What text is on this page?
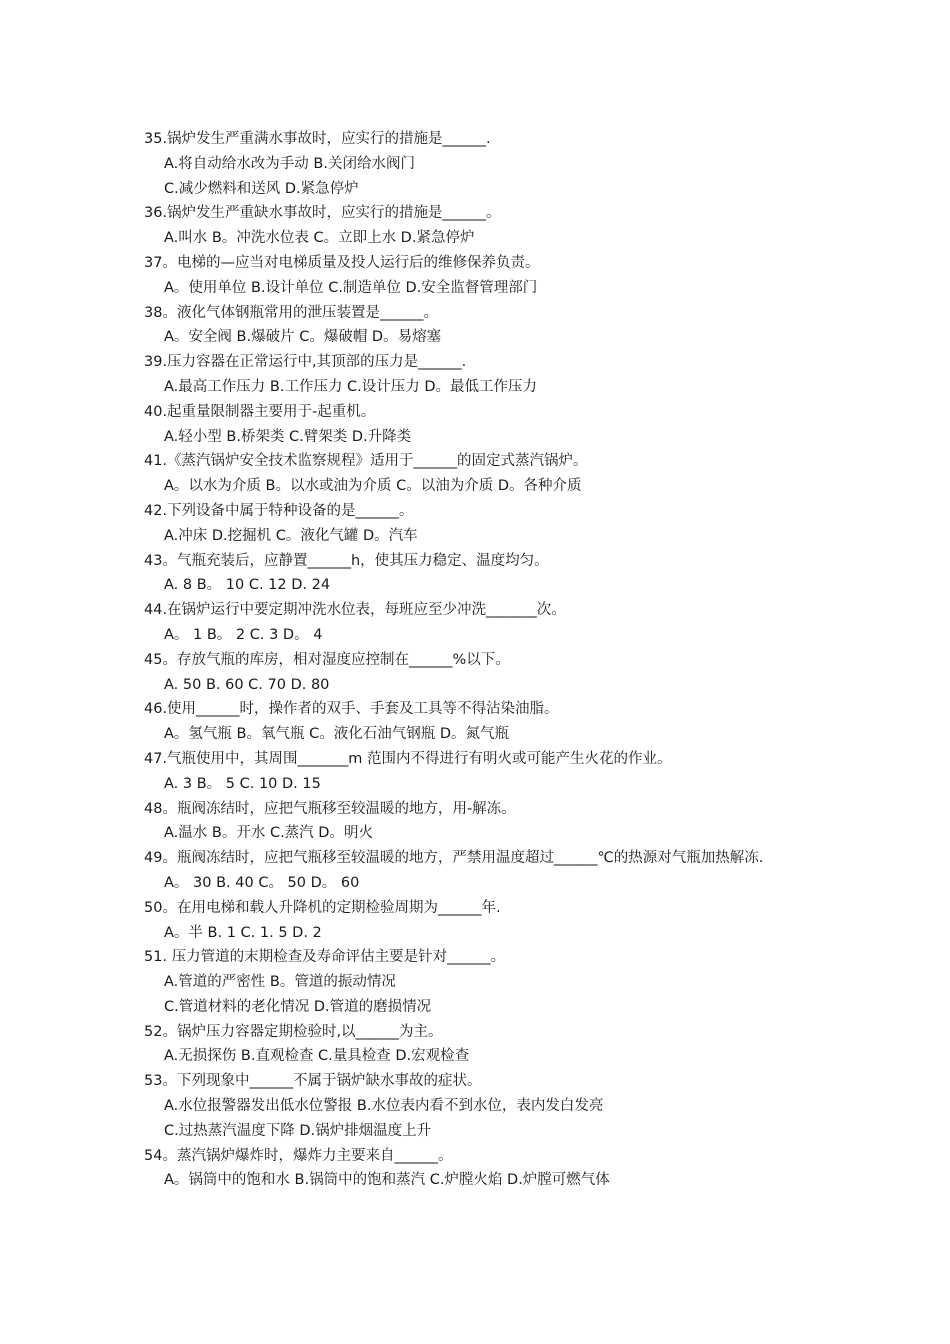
35.锅炉发生严重满水事故时，应实行的措施是______.
A.将自动给水改为手动 B.关闭给水阀门
C.减少燃料和送风 D.紧急停炉
36.锅炉发生严重缺水事故时，应实行的措施是______。
A.叫水 B。冲洗水位表 C。立即上水 D.紧急停炉
37。电梯的—应当对电梯质量及投人运行后的维修保养负责。
A。使用单位 B.设计单位 C.制造单位 D.安全监督管理部门
38。液化气体钢瓶常用的泄压装置是______。
A。安全阀 B.爆破片 C。爆破帽 D。易熔塞
39.压力容器在正常运行中,其顶部的压力是______.
A.最高工作压力 B.工作压力 C.设计压力 D。最低工作压力
40.起重量限制器主要用于-起重机。
A.轻小型 B.桥架类 C.臂架类 D.升降类
41.《蒸汽锅炉安全技术监察规程》适用于______的固定式蒸汽锅炉。
A。以水为介质 B。以水或油为介质 C。以油为介质 D。各种介质
42.下列设备中属于特种设备的是______。
A.冲床 D.挖掘机 C。液化气罐 D。汽车
43。气瓶充装后，应静置______h，使其压力稳定、温度均匀。
A. 8 B。 10 C. 12 D. 24
44.在锅炉运行中要定期冲洗水位表，每班应至少冲洗_______次。
A。 1 B。 2 C. 3 D。 4
45。存放气瓶的库房，相对湿度应控制在______%以下。
A. 50 B. 60 C. 70 D. 80
46.使用______时，操作者的双手、手套及工具等不得沾染油脂。
A。氢气瓶 B。氧气瓶 C。液化石油气钢瓶 D。氮气瓶
47.气瓶使用中，其周围_______m 范围内不得进行有明火或可能产生火花的作业。
A. 3 B。 5 C. 10 D. 15
48。瓶阀冻结时，应把气瓶移至较温暖的地方，用-解冻。
A.温水 B。开水 C.蒸汽 D。明火
49。瓶阀冻结时，应把气瓶移至较温暖的地方，严禁用温度超过______℃的热源对气瓶加热解冻.
A。 30 B. 40 C。 50 D。 60
50。在用电梯和载人升降机的定期检验周期为______年.
A。半 B. 1 C. 1. 5 D. 2
51. 压力管道的末期检查及寿命评估主要是针对______。
A.管道的严密性 B。管道的振动情况
C.管道材料的老化情况 D.管道的磨损情况
52。锅炉压力容器定期检验时,以______为主。
A.无损探伤 B.直观检查 C.量具检查 D.宏观检查
53。下列现象中______不属于锅炉缺水事故的症状。
A.水位报警器发出低水位警报 B.水位表内看不到水位，表内发白发亮
C.过热蒸汽温度下降 D.锅炉排烟温度上升
54。蒸汽锅炉爆炸时，爆炸力主要来自______。
A。锅筒中的饱和水 B.锅筒中的饱和蒸汽 C.炉膛火焰 D.炉膛可燃气体
